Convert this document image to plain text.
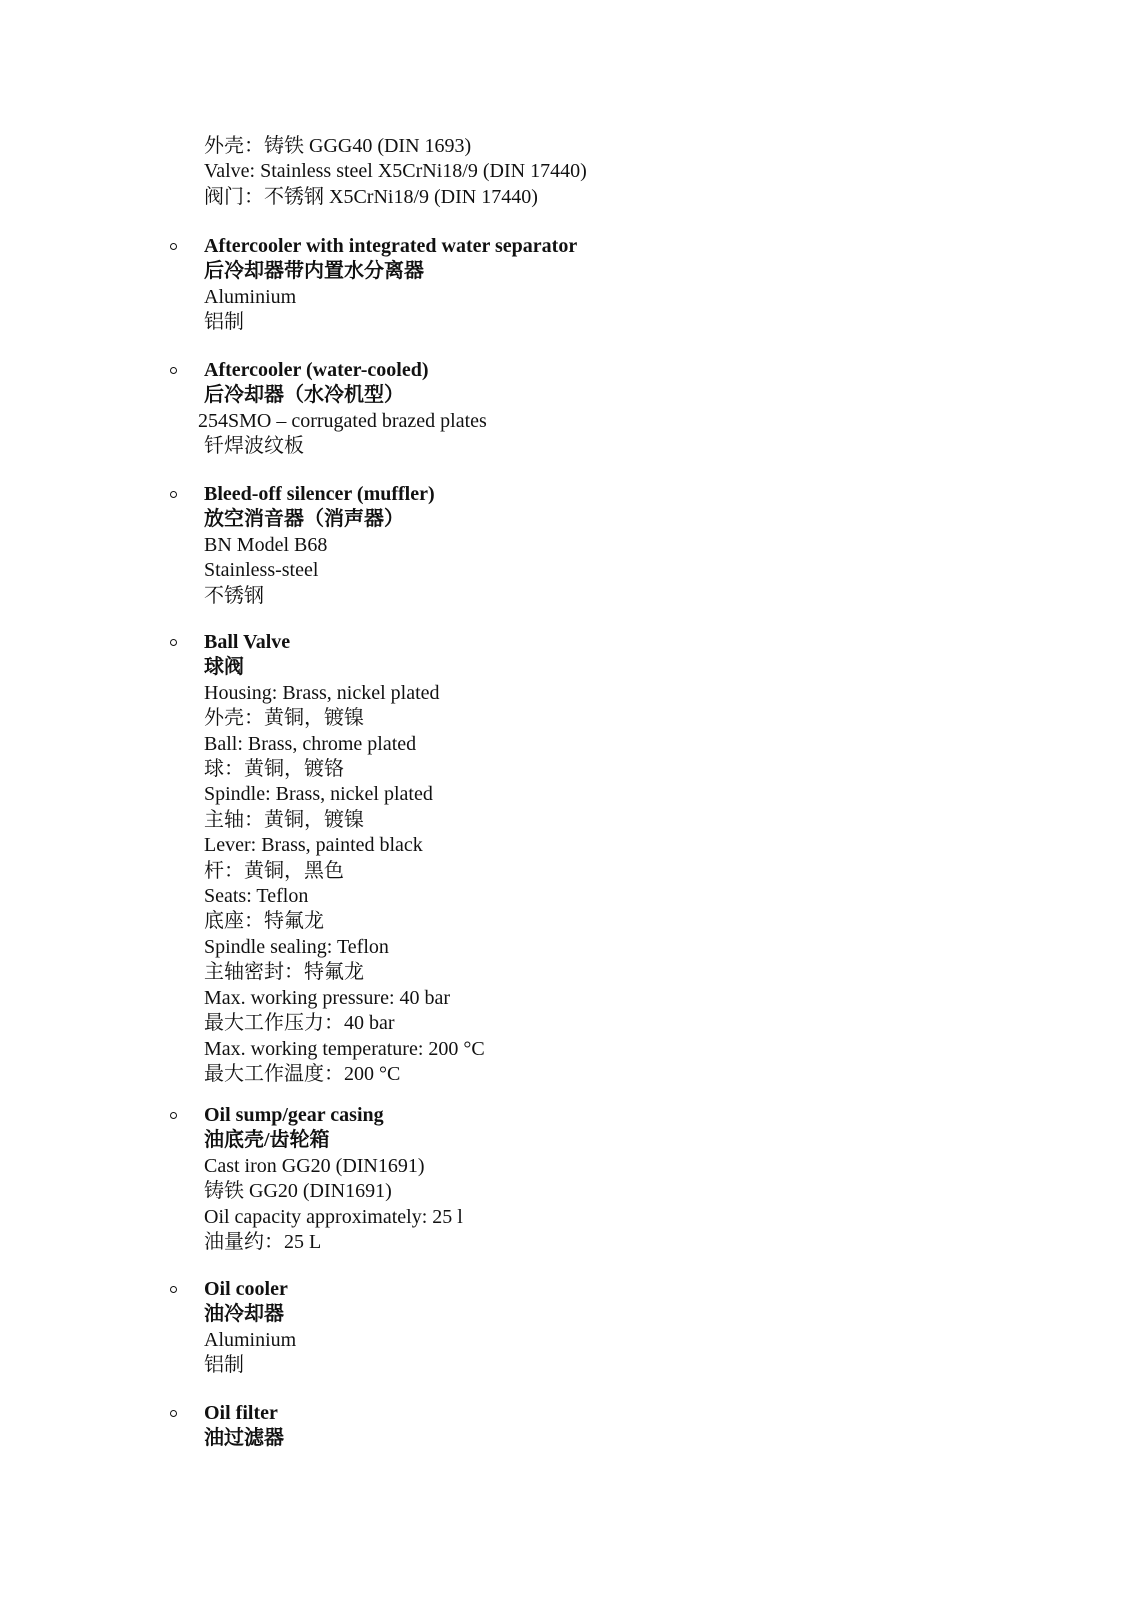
外壳：铸铁 GGG40 (DIN 1693)
Valve: Stainless steel X5CrNi18/9 (DIN 17440)
阀门：不锈钢 X5CrNi18/9 (DIN 17440)
Aftercooler with integrated water separator
后冷却器带内置水分离器
Aluminium
铝制
Aftercooler (water-cooled)
后冷却器（水冷机型）
254SMO – corrugated brazed plates
钎焊波纹板
Bleed-off silencer (muffler)
放空消音器（消声器）
BN Model B68
Stainless-steel
不锈钢
Ball Valve
球阀
Housing: Brass, nickel plated
外壳：黄铜，镀镍
Ball: Brass, chrome plated
球：黄铜，镀铬
Spindle: Brass, nickel plated
主轴：黄铜，镀镍
Lever: Brass, painted black
杆：黄铜，黑色
Seats: Teflon
底座：特氟龙
Spindle sealing: Teflon
主轴密封：特氟龙
Max. working pressure: 40 bar
最大工作压力：40 bar
Max. working temperature: 200 °C
最大工作温度：200 °C
Oil sump/gear casing
油底壳/齿轮箱
Cast iron GG20 (DIN1691)
铸铁 GG20 (DIN1691)
Oil capacity approximately: 25 l
油量约：25 L
Oil cooler
油冷却器
Aluminium
铝制
Oil filter
油过滤器
